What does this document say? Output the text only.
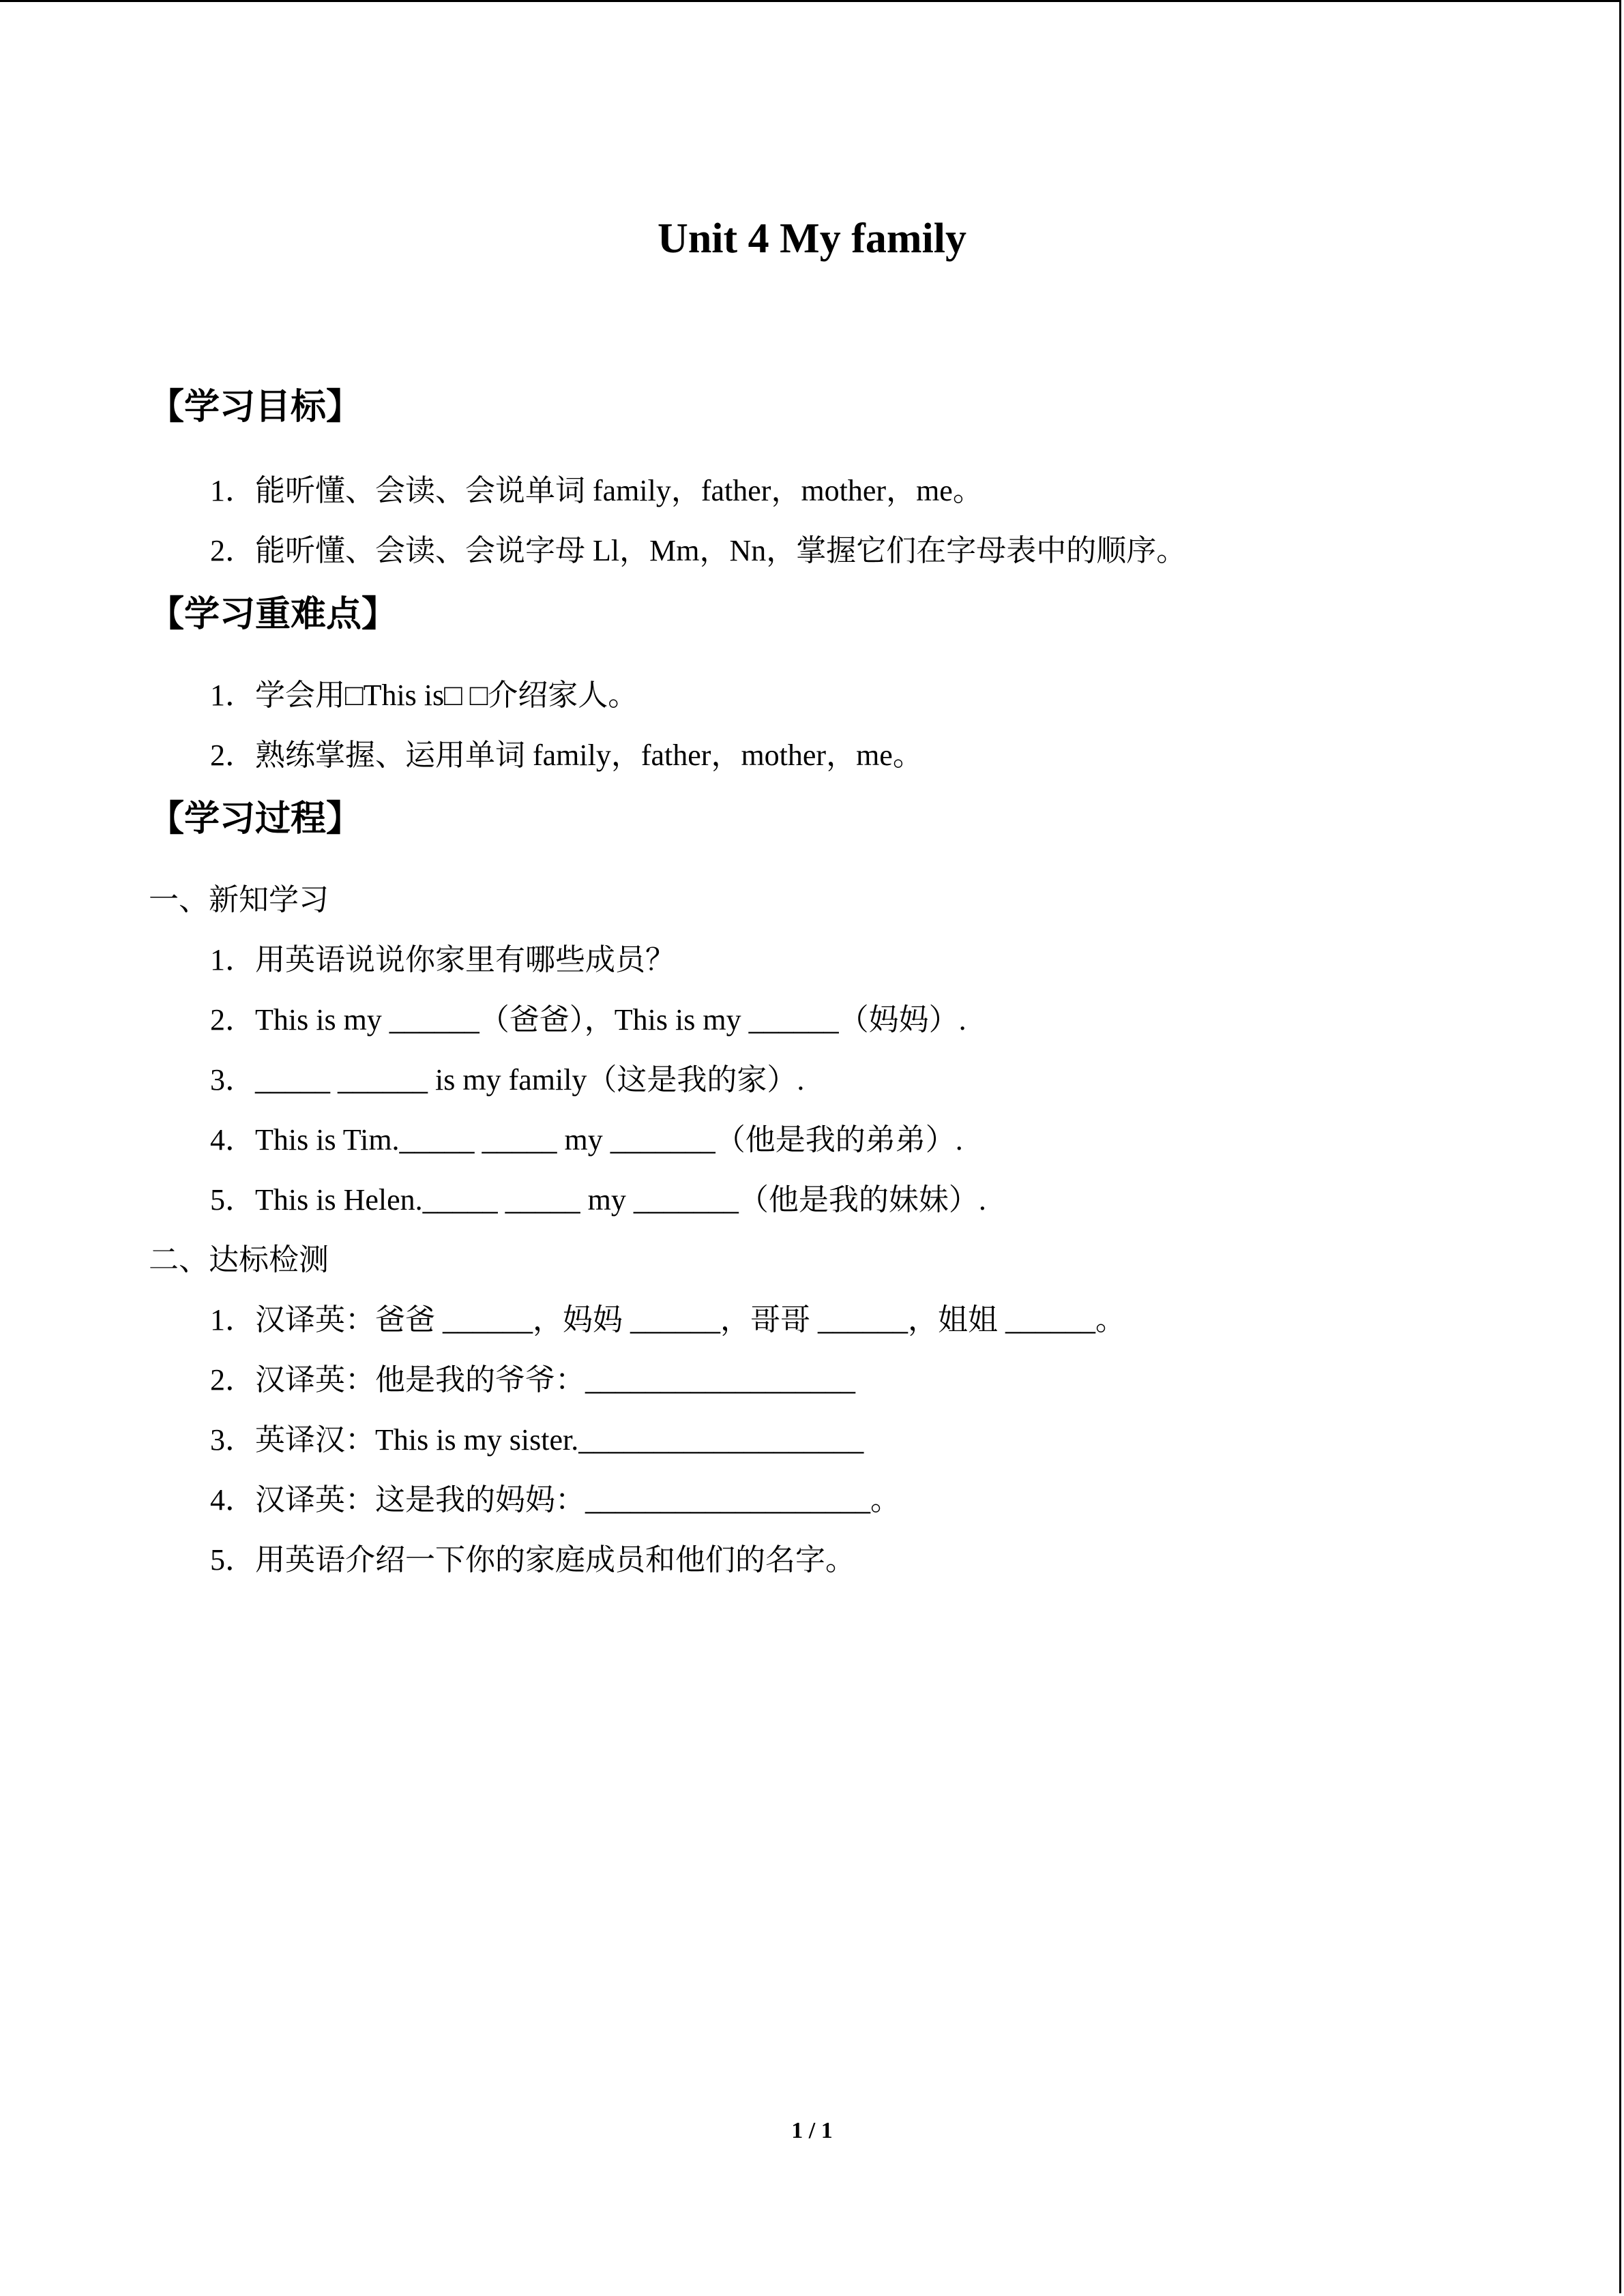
Unit 4 My family
【学习目标】
1．能听懂、会读、会说单词 family，father，mother，me。
2．能听懂、会读、会说字母 Ll，Mm，Nn，掌握它们在字母表中的顺序。
【学习重难点】
1．学会用□This is□ □介绍家人。
2．熟练掌握、运用单词 family，father，mother，me。
【学习过程】
一、新知学习
1．用英语说说你家里有哪些成员？
2．This is my ______（爸爸），This is my ______（妈妈）.
3．_____ ______ is my family（这是我的家）.
4．This is Tim._____ _____ my _______（他是我的弟弟）.
5．This is Helen._____ _____ my _______（他是我的妹妹）.
二、达标检测
1．汉译英：爸爸 ______，妈妈 ______，哥哥 ______，姐姐 ______。
2．汉译英：他是我的爷爷：__________________
3．英译汉：This is my sister.___________________
4．汉译英：这是我的妈妈：___________________。
5．用英语介绍一下你的家庭成员和他们的名字。
1 / 1
